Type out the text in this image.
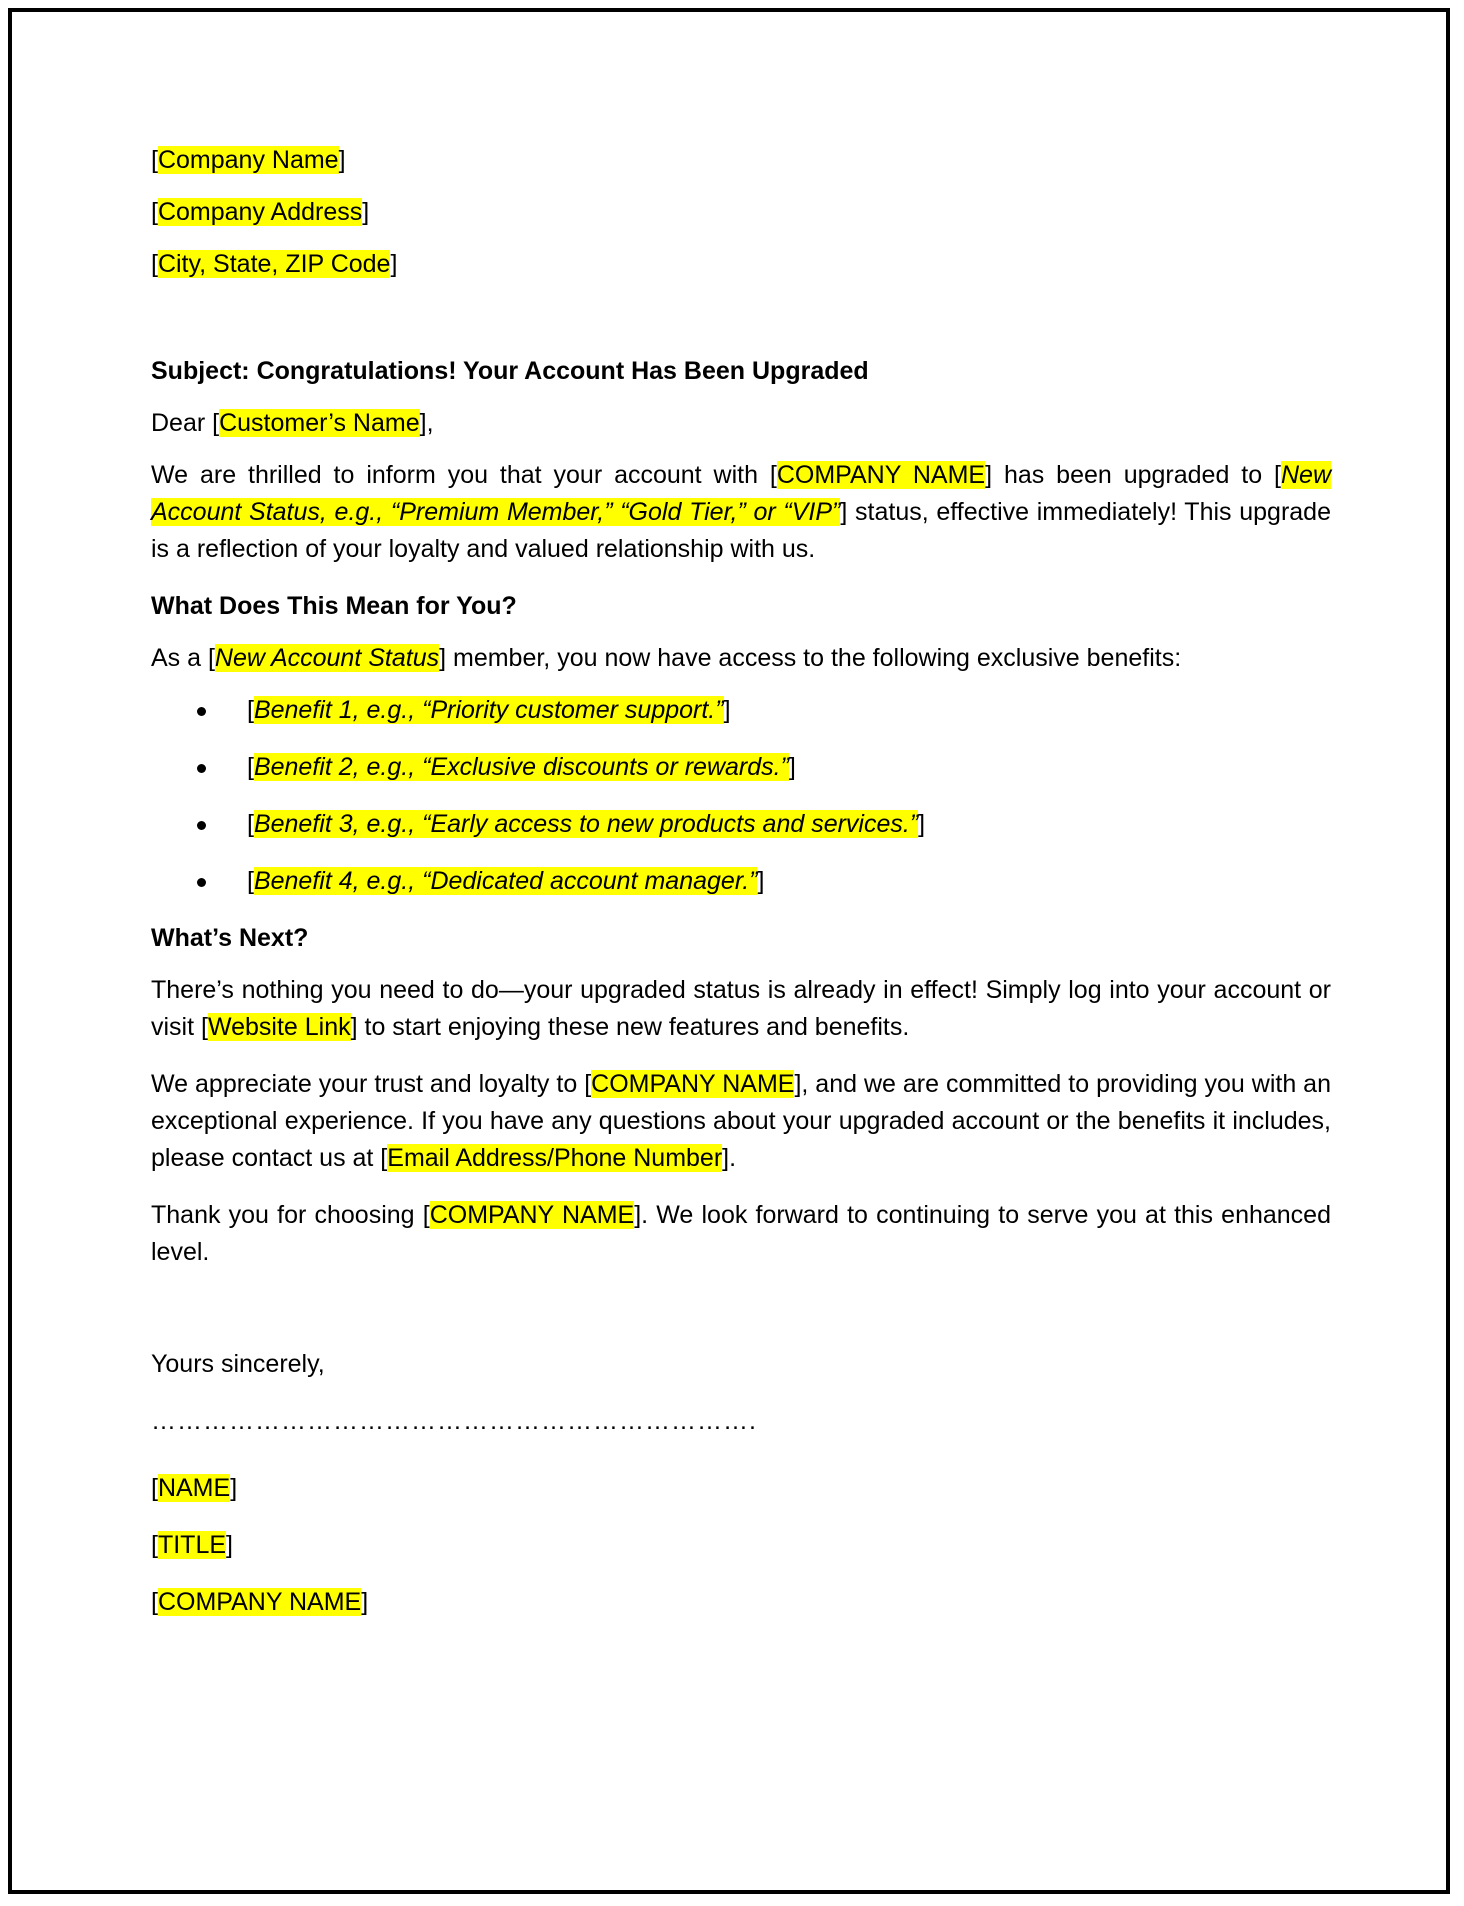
[Company Name]

[Company Address]

[City, State, ZIP Code]

Subject: Congratulations! Your Account Has Been Upgraded

Dear [Customer’s Name],

We are thrilled to inform you that your account with [COMPANY NAME] has been upgraded to [New Account Status, e.g., “Premium Member,” “Gold Tier,” or “VIP”] status, effective immediately! This upgrade is a reflection of your loyalty and valued relationship with us.

What Does This Mean for You?

As a [New Account Status] member, you now have access to the following exclusive benefits:

[Benefit 1, e.g., “Priority customer support.”]
[Benefit 2, e.g., “Exclusive discounts or rewards.”]
[Benefit 3, e.g., “Early access to new products and services.”]
[Benefit 4, e.g., “Dedicated account manager.”]

What’s Next?

There’s nothing you need to do—your upgraded status is already in effect! Simply log into your account or visit [Website Link] to start enjoying these new features and benefits.

We appreciate your trust and loyalty to [COMPANY NAME], and we are committed to providing you with an exceptional experience. If you have any questions about your upgraded account or the benefits it includes, please contact us at [Email Address/Phone Number].

Thank you for choosing [COMPANY NAME]. We look forward to continuing to serve you at this enhanced level.

Yours sincerely,

…………………………………………………………….

[NAME]

[TITLE]

[COMPANY NAME]
